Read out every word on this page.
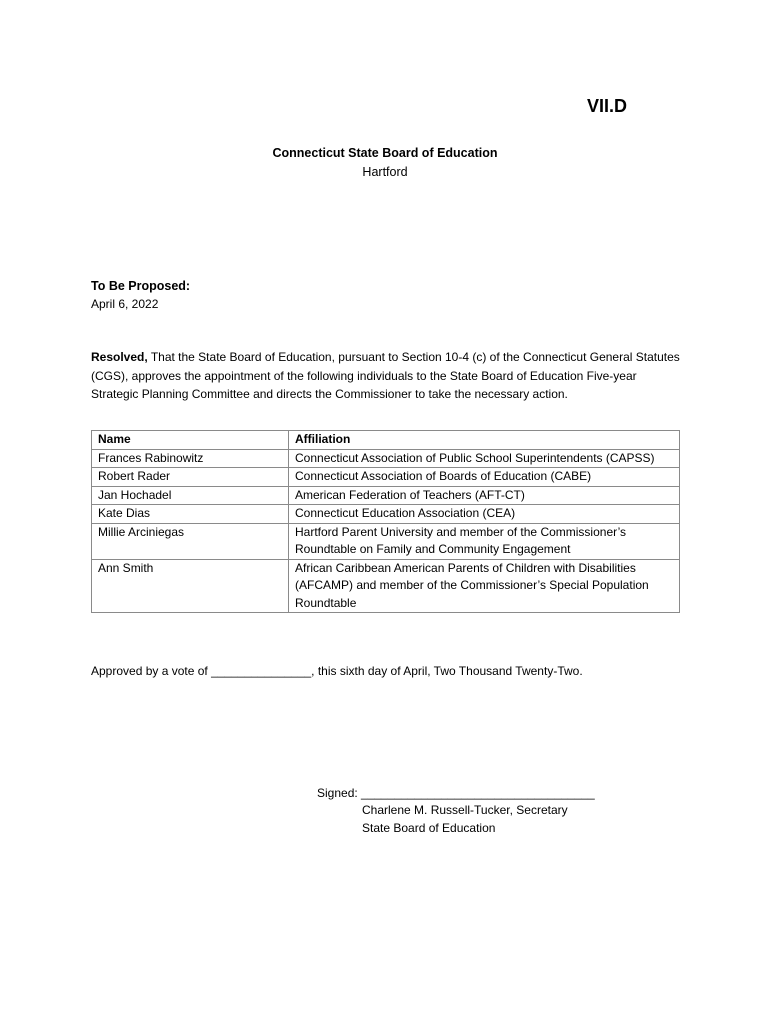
VII.D
Connecticut State Board of Education
Hartford
To Be Proposed:
April 6, 2022
Resolved, That the State Board of Education, pursuant to Section 10-4 (c) of the Connecticut General Statutes (CGS), approves the appointment of the following individuals to the State Board of Education Five-year Strategic Planning Committee and directs the Commissioner to take the necessary action.
Name	Affiliation
Frances Rabinowitz	Connecticut Association of Public School Superintendents (CAPSS)
Robert Rader	Connecticut Association of Boards of Education (CABE)
Jan Hochadel	American Federation of Teachers (AFT-CT)
Kate Dias	Connecticut Education Association (CEA)
Millie Arciniegas	Hartford Parent University and member of the Commissioner’s Roundtable on Family and Community Engagement
Ann Smith	African Caribbean American Parents of Children with Disabilities (AFCAMP) and member of the Commissioner’s Special Population Roundtable
Approved by a vote of _______________, this sixth day of April, Two Thousand Twenty-Two.
Signed: ___________________________________
Charlene M. Russell-Tucker, Secretary
State Board of Education
